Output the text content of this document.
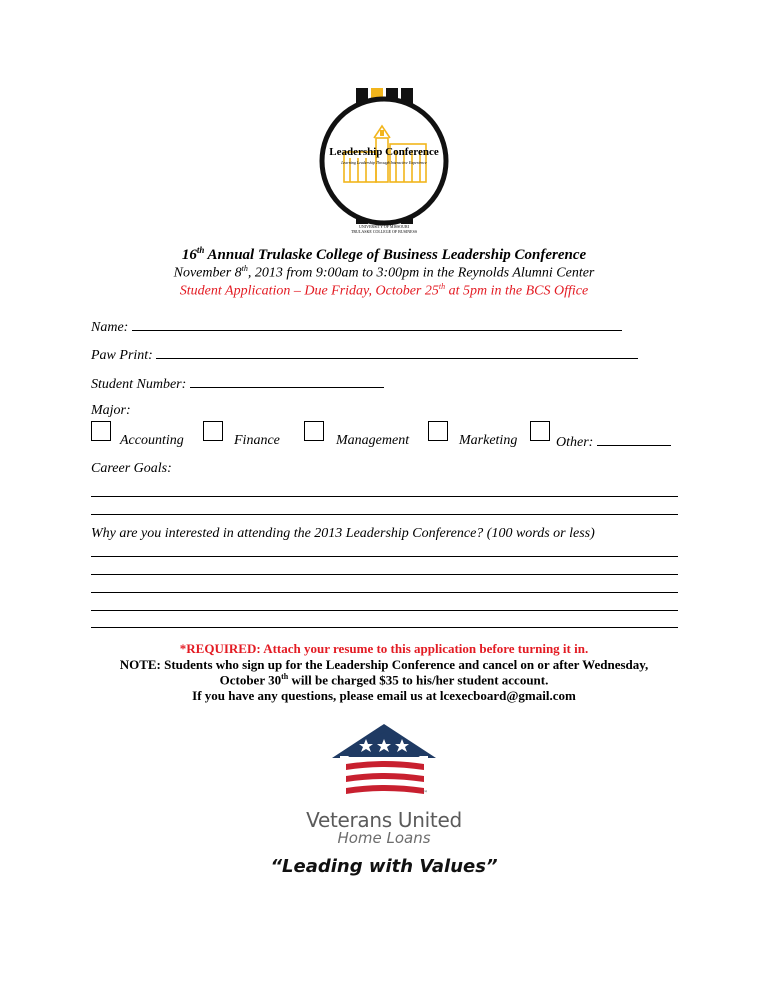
Leadership Conference
Learning Leadership Through Interactive Experience
UNIVERSITY OF MISSOURI
TRULASKE COLLEGE OF BUSINESS
16th Annual Trulaske College of Business Leadership Conference
November 8th, 2013 from 9:00am to 3:00pm in the Reynolds Alumni Center
Student Application – Due Friday, October 25th at 5pm in the BCS Office
Name:
Paw Print:
Student Number:
Major:
Accounting	Finance	Management	Marketing	Other:
Career Goals:
Why are you interested in attending the 2013 Leadership Conference? (100 words or less)
*REQUIRED: Attach your resume to this application before turning it in.
NOTE: Students who sign up for the Leadership Conference and cancel on or after Wednesday,
October 30th will be charged $35 to his/her student account.
If you have any questions, please email us at lcexecboard@gmail.com
™
Veterans United
Home Loans
“Leading with Values”
